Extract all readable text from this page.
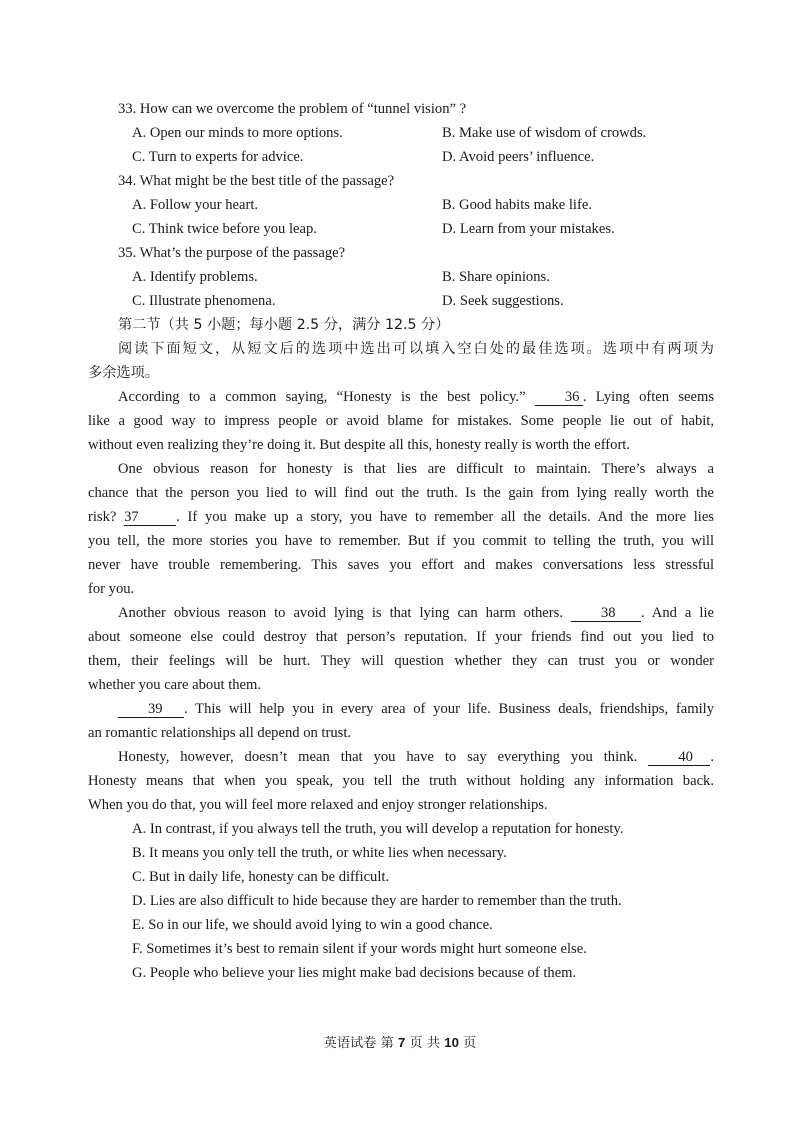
33. How can we overcome the problem of “tunnel vision” ?
A. Open our minds to more options.	B. Make use of wisdom of crowds.
C. Turn to experts for advice.	D. Avoid peers’ influence.
34. What might be the best title of the passage?
A. Follow your heart.	B. Good habits make life.
C. Think twice before you leap.	D. Learn from your mistakes.
35. What’s the purpose of the passage?
A. Identify problems.	B. Share opinions.
C. Illustrate phenomena.	D. Seek suggestions.
第二节（共 5 小题；每小题 2.5 分，满分 12.5 分）
阅读下面短文，从短文后的选项中选出可以填入空白处的最佳选项。选项中有两项为
多余选项。
According to a common saying, “Honesty is the best policy.” 36 . Lying often seems
like a good way to impress people or avoid blame for mistakes. Some people lie out of habit,
without even realizing they’re doing it. But despite all this, honesty really is worth the effort.
One obvious reason for honesty is that lies are difficult to maintain. There’s always a
chance that the person you lied to will find out the truth. Is the gain from lying really worth the
risk? 37	. If you make up a story, you have to remember all the details. And the more lies
you tell, the more stories you have to remember. But if you commit to telling the truth, you will
never have trouble remembering. This saves you effort and makes conversations less stressful
for you.
Another obvious reason to avoid lying is that lying can harm others. 38 . And a lie
about someone else could destroy that person’s reputation. If your friends find out you lied to
them, their feelings will be hurt. They will question whether they can trust you or wonder
whether you care about them.
39 . This will help you in every area of your life. Business deals, friendships, family
an romantic relationships all depend on trust.
Honesty, however, doesn’t mean that you have to say everything you think. 40 .
Honesty means that when you speak, you tell the truth without holding any information back.
When you do that, you will feel more relaxed and enjoy stronger relationships.
A. In contrast, if you always tell the truth, you will develop a reputation for honesty.
B. It means you only tell the truth, or white lies when necessary.
C. But in daily life, honesty can be difficult.
D. Lies are also difficult to hide because they are harder to remember than the truth.
E. So in our life, we should avoid lying to win a good chance.
F. Sometimes it’s best to remain silent if your words might hurt someone else.
G. People who believe your lies might make bad decisions because of them.
英语试卷 第 7 页 共 10 页
